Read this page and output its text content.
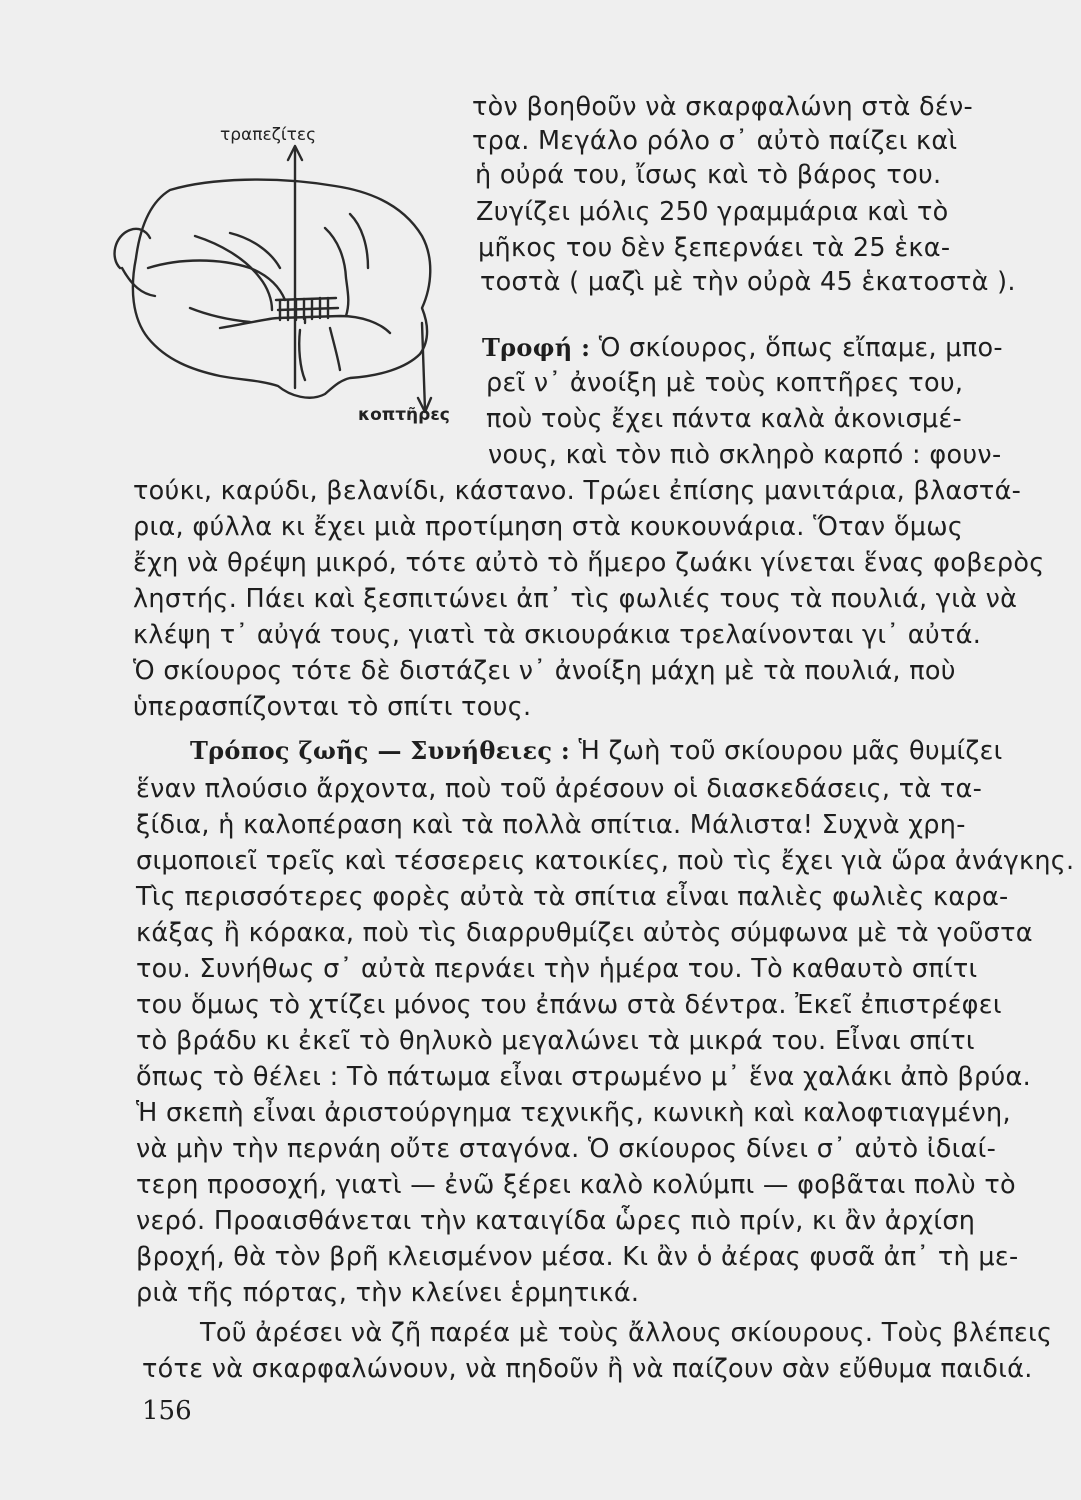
τραπεζίτες
κοπτῆρες

τὸν βοηθοῦν νὰ σκαρφαλώνη στὰ δέν-

τρα. Μεγάλο ρόλο σ᾽ αὐτὸ παίζει καὶ

ἡ οὐρά του, ἴσως καὶ τὸ βάρος του.

Ζυγίζει μόλις 250 γραμμάρια καὶ τὸ

μῆκος του δὲν ξεπερνάει τὰ 25 ἑκα-

τοστὰ ( μαζὶ μὲ τὴν οὐρὰ 45 ἑκατοστὰ ).

Τροφή : Ὁ σκίουρος, ὅπως εἴπαμε, μπο-

ρεῖ ν᾽ ἀνοίξη μὲ τοὺς κοπτῆρες του,

ποὺ τοὺς ἔχει πάντα καλὰ ἀκονισμέ-

νους, καὶ τὸν πιὸ σκληρὸ καρπό : φουν-

τούκι, καρύδι, βελανίδι, κάστανο. Τρώει ἐπίσης μανιτάρια, βλαστά-

ρια, φύλλα κι ἔχει μιὰ προτίμηση στὰ κουκουνάρια. Ὅταν ὅμως

ἔχη νὰ θρέψη μικρό, τότε αὐτὸ τὸ ἥμερο ζωάκι γίνεται ἕνας φοβερὸς

ληστής. Πάει καὶ ξεσπιτώνει ἀπ᾽ τὶς φωλιές τους τὰ πουλιά, γιὰ νὰ

κλέψη τ᾽ αὐγά τους, γιατὶ τὰ σκιουράκια τρελαίνονται γι᾽ αὐτά.

Ὁ σκίουρος τότε δὲ διστάζει ν᾽ ἀνοίξη μάχη μὲ τὰ πουλιά, ποὺ

ὑπερασπίζονται τὸ σπίτι τους.

Τρόπος ζωῆς — Συνήθειες : Ἡ ζωὴ τοῦ σκίουρου μᾶς θυμίζει

ἕναν πλούσιο ἄρχοντα, ποὺ τοῦ ἀρέσουν οἱ διασκεδάσεις, τὰ τα-

ξίδια, ἡ καλοπέραση καὶ τὰ πολλὰ σπίτια. Μάλιστα! Συχνὰ χρη-

σιμοποιεῖ τρεῖς καὶ τέσσερεις κατοικίες, ποὺ τὶς ἔχει γιὰ ὥρα ἀνάγκης.

Τὶς περισσότερες φορὲς αὐτὰ τὰ σπίτια εἶναι παλιὲς φωλιὲς καρα-

κάξας ἢ κόρακα, ποὺ τὶς διαρρυθμίζει αὐτὸς σύμφωνα μὲ τὰ γοῦστα

του. Συνήθως σ᾽ αὐτὰ περνάει τὴν ἡμέρα του. Τὸ καθαυτὸ σπίτι

του ὅμως τὸ χτίζει μόνος του ἐπάνω στὰ δέντρα. Ἐκεῖ ἐπιστρέφει

τὸ βράδυ κι ἐκεῖ τὸ θηλυκὸ μεγαλώνει τὰ μικρά του. Εἶναι σπίτι

ὅπως τὸ θέλει : Τὸ πάτωμα εἶναι στρωμένο μ᾽ ἕνα χαλάκι ἀπὸ βρύα.

Ἡ σκεπὴ εἶναι ἀριστούργημα τεχνικῆς, κωνικὴ καὶ καλοφτιαγμένη,

νὰ μὴν τὴν περνάη οὔτε σταγόνα. Ὁ σκίουρος δίνει σ᾽ αὐτὸ ἰδιαί-

τερη προσοχή, γιατὶ — ἐνῶ ξέρει καλὸ κολύμπι — φοβᾶται πολὺ τὸ

νερό. Προαισθάνεται τὴν καταιγίδα ὧρες πιὸ πρίν, κι ἂν ἀρχίση

βροχή, θὰ τὸν βρῆ κλεισμένον μέσα. Κι ἂν ὁ ἀέρας φυσᾶ ἀπ᾽ τὴ με-

ριὰ τῆς πόρτας, τὴν κλείνει ἑρμητικά.

Τοῦ ἀρέσει νὰ ζῆ παρέα μὲ τοὺς ἄλλους σκίουρους. Τοὺς βλέπεις

τότε νὰ σκαρφαλώνουν, νὰ πηδοῦν ἢ νὰ παίζουν σὰν εὔθυμα παιδιά.

156
